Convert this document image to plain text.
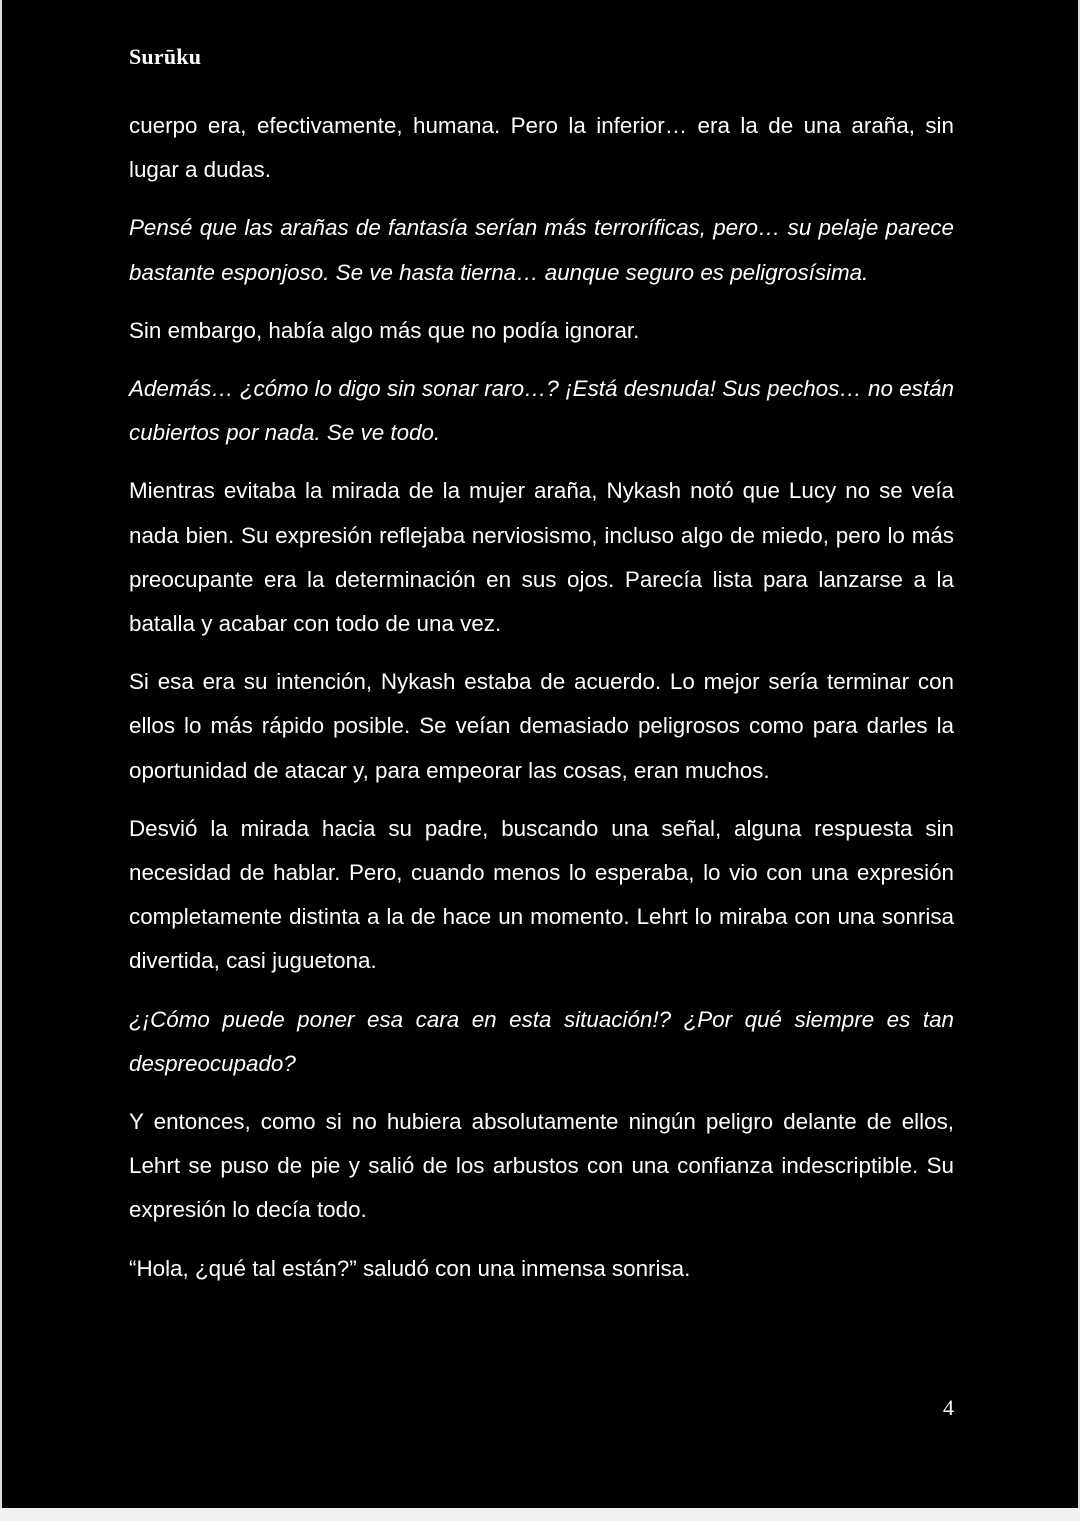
Surūku

cuerpo era, efectivamente, humana. Pero la inferior… era la de una araña, sin lugar a dudas.

Pensé que las arañas de fantasía serían más terroríficas, pero… su pelaje parece bastante esponjoso. Se ve hasta tierna… aunque seguro es peligrosísima.

Sin embargo, había algo más que no podía ignorar.

Además… ¿cómo lo digo sin sonar raro…? ¡Está desnuda! Sus pechos… no están cubiertos por nada. Se ve todo.

Mientras evitaba la mirada de la mujer araña, Nykash notó que Lucy no se veía nada bien. Su expresión reflejaba nerviosismo, incluso algo de miedo, pero lo más preocupante era la determinación en sus ojos. Parecía lista para lanzarse a la batalla y acabar con todo de una vez.

Si esa era su intención, Nykash estaba de acuerdo. Lo mejor sería terminar con ellos lo más rápido posible. Se veían demasiado peligrosos como para darles la oportunidad de atacar y, para empeorar las cosas, eran muchos.

Desvió la mirada hacia su padre, buscando una señal, alguna respuesta sin necesidad de hablar. Pero, cuando menos lo esperaba, lo vio con una expresión completamente distinta a la de hace un momento. Lehrt lo miraba con una sonrisa divertida, casi juguetona.

¿¡Cómo puede poner esa cara en esta situación!? ¿Por qué siempre es tan despreocupado?

Y entonces, como si no hubiera absolutamente ningún peligro delante de ellos, Lehrt se puso de pie y salió de los arbustos con una confianza indescriptible. Su expresión lo decía todo.

“Hola, ¿qué tal están?” saludó con una inmensa sonrisa.

4
